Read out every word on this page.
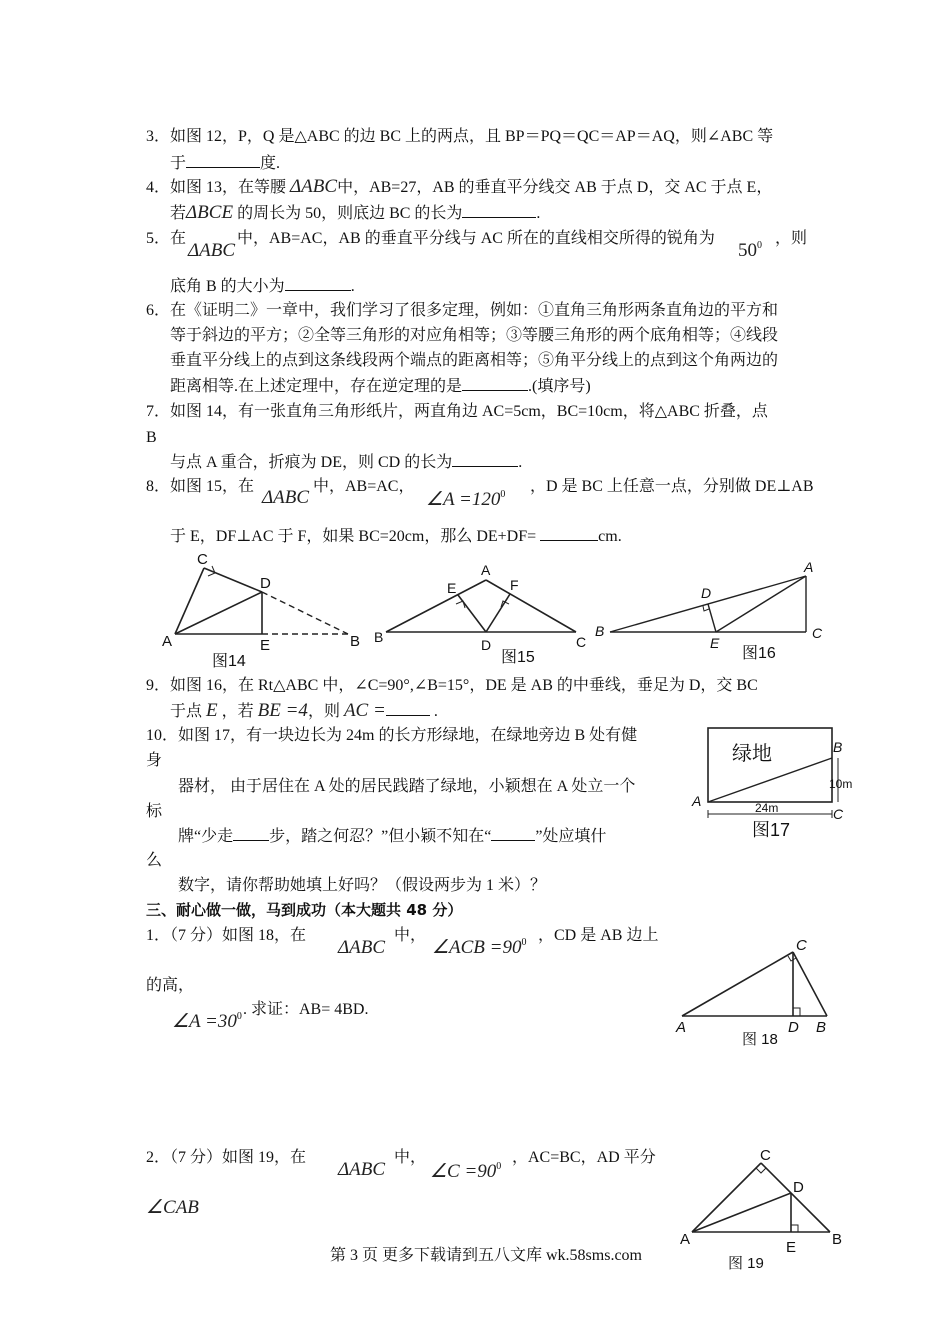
3．如图 12，P，Q 是△ABC 的边 BC 上的两点，且 BP＝PQ＝QC＝AP＝AQ，则∠ABC 等
于	度.
4．如图 13，在等腰 ΔABC中，AB=27，AB 的垂直平分线交 AB 于点 D，交 AC 于点 E，
若ΔBCE 的周长为 50，则底边 BC 的长为	.
5．在
ΔABC
中，AB=AC，AB 的垂直平分线与 AC 所在的直线相交所得的锐角为
$50^0$ ，则
底角 B 的大小为	.
6．在《证明二》一章中，我们学习了很多定理，例如：①直角三角形两条直角边的平方和
等于斜边的平方；②全等三角形的对应角相等；③等腰三角形的两个底角相等；④线段
垂直平分线上的点到这条线段两个端点的距离相等；⑤角平分线上的点到这个角两边的
距离相等.在上述定理中，存在逆定理的是	.(填序号)
7．如图 14，有一张直角三角形纸片，两直角边 AC=5cm，BC=10cm，将△ABC 折叠，点
B
与点 A 重合，折痕为 DE，则 CD 的长为	.
8．如图 15，在
ΔABC
中，AB=AC，
∠A $=120^0$ ，D 是 BC 上任意一点，分别做 DE⊥AB
于 E，DF⊥AC 于 F，如果 BC=20cm，那么 DE+DF=	cm.
C
D
A	E	B
图14
A
E	F
B	C
D
图15
A
D
B
E
C
图16
9．如图 16，在 Rt△ABC 中，∠C=90°,∠B=15°，DE 是 AB 的中垂线，垂足为 D，交 BC
于点 E ，若 BE =4，则 AC =	.
10．如图 17，有一块边长为 24m 的长方形绿地，在绿地旁边 B 处有健
身
器材， 由于居住在 A 处的居民践踏了绿地，小颖想在 A 处立一个
标
牌“少走 步，踏之何忍？”但小颖不知在“	”处应填什
么
数字，请你帮助她填上好吗？（假设两步为 1 米）？
绿地	B
10m
A	24m	C
图17
三、耐心做一做，马到成功（本大题共 48 分）
1．（7 分）如图 18，在
ΔABC
中，
∠ACB $=90^0$ ，CD 是 AB 边上
的高，
∠A $=30^0$ . 求证：AB= 4BD.
C
A	D B
图 18
2．（7 分）如图 19，在
ΔABC
中，
∠C $=90^0$
，AC=BC，AD 平分
∠CAB
C
D
A	E B
图 19
第 3 页 更多下载请到五八文库 wk.58sms.com
